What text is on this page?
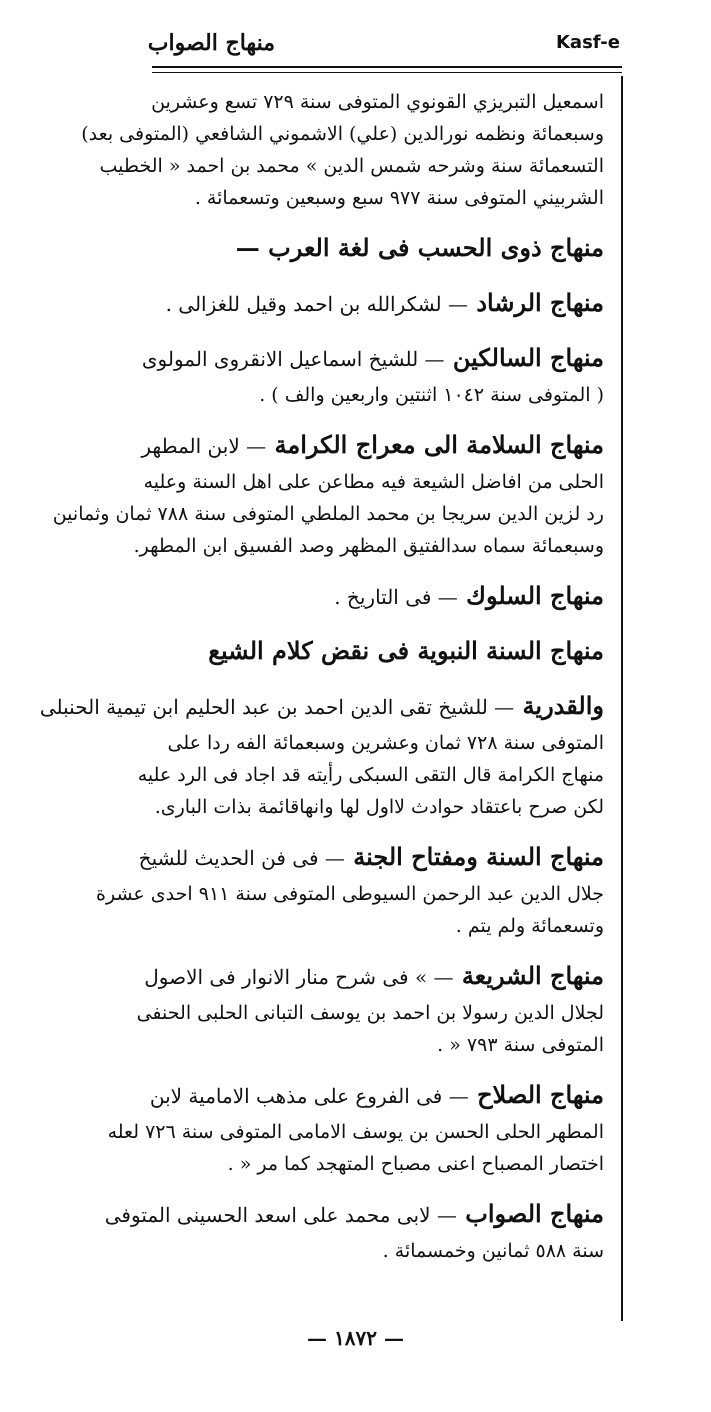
منهاج الصواب	Kasf-e
اسمعيل التبريزي القونوي المتوفى سنة ٧٢٩ تسع وعشرين
وسبعمائة ونظمه نورالدين (علي) الاشموني الشافعي (المتوفى بعد)
التسعمائة سنة وشرحه شمس الدين » محمد بن احمد « الخطيب
الشربيني المتوفى سنة ٩٧٧ سبع وسبعين وتسعمائة .
منهاج ذوى الحسب فى لغة العرب —
منهاج الرشاد — لشكرالله بن احمد وقيل للغزالى .
منهاج السالكين — للشيخ اسماعيل الانقروى المولوى
( المتوفى سنة ١٠٤٢ اثنتين واربعين والف ) .
منهاج السلامة الى معراج الكرامة — لابن المطهر
الحلى من افاضل الشيعة فيه مطاعن على اهل السنة وعليه
رد لزين الدين سريجا بن محمد الملطي المتوفى سنة ٧٨٨ ثمان وثمانين
وسبعمائة سماه سدالفتيق المظهر وصد الفسيق ابن المطهر.
منهاج السلوك — فى التاريخ .
منهاج السنة النبوية فى نقض كلام الشيع
والقدرية — للشيخ تقى الدين احمد بن عبد الحليم ابن تيمية الحنبلى
المتوفى سنة ٧٢٨ ثمان وعشرين وسبعمائة الفه ردا على
منهاج الكرامة قال التقى السبكى رأيته قد اجاد فى الرد عليه
لكن صرح باعتقاد حوادث لااول لها وانهاقائمة بذات البارى.
منهاج السنة ومفتاح الجنة — فى فن الحديث للشيخ
جلال الدين عبد الرحمن السيوطى المتوفى سنة ٩١١ احدى عشرة
وتسعمائة ولم يتم .
منهاج الشريعة — » فى شرح منار الانوار فى الاصول
لجلال الدين رسولا بن احمد بن يوسف التبانى الحلبى الحنفى
المتوفى سنة ٧٩٣ « .
منهاج الصلاح — فى الفروع على مذهب الامامية لابن
المطهر الحلى الحسن بن يوسف الامامى المتوفى سنة ٧٢٦ لعله
اختصار المصباح اعنى مصباح المتهجد كما مر « .
منهاج الصواب — لابى محمد على اسعد الحسينى المتوفى
سنة ٥٨٨ ثمانين وخمسمائة .
— ١٨٧٢ —
